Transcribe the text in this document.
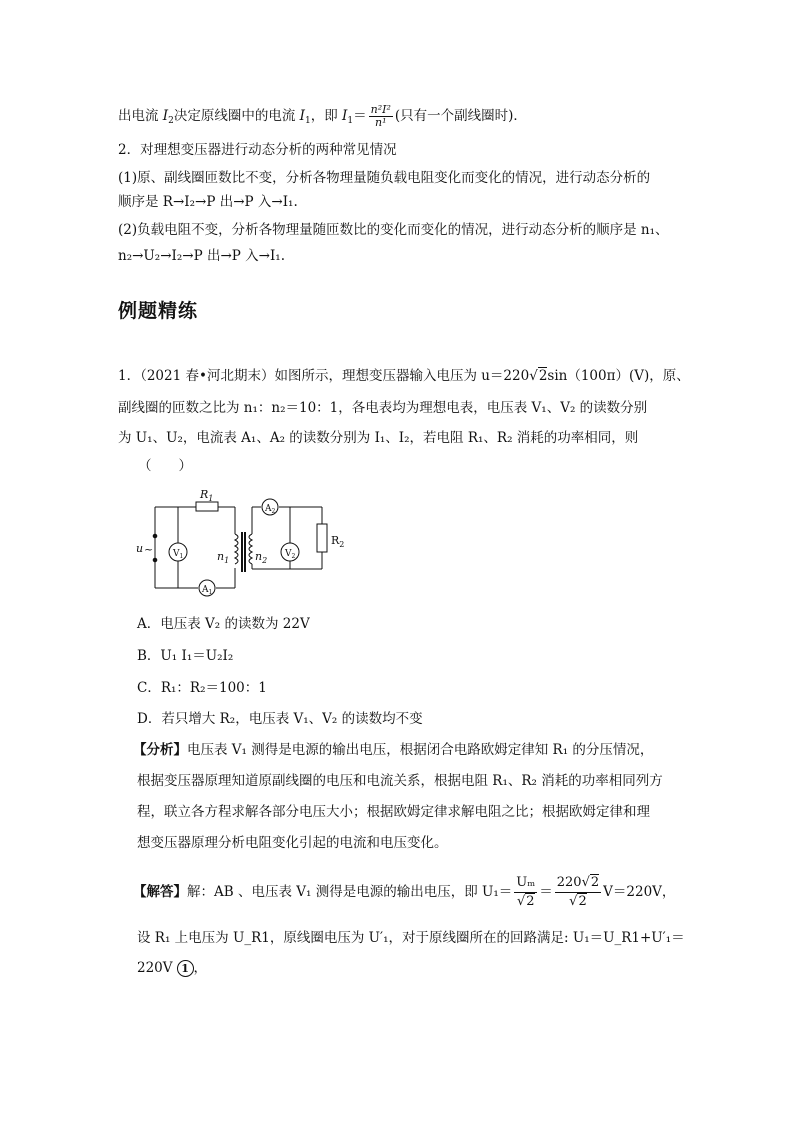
出电流 $I_2$决定原线圈中的电流 $I_1$，即 $I_1= \frac{\text{n²I²}}{\text{n¹}}$ (只有一个副线圈时)．
2．对理想变压器进行动态分析的两种常见情况
(1)原、副线圈匝数比不变，分析各物理量随负载电阻变化而变化的情况，进行动态分析的
顺序是 R→I₂→P 出→P 入→I₁.
(2)负载电阻不变，分析各物理量随匝数比的变化而变化的情况，进行动态分析的顺序是 n₁、
n₂→U₂→I₂→P 出→P 入→I₁.
例题精练
1．（2021 春•河北期末）如图所示，理想变压器输入电压为 u＝220√2sin（100π）(V)，原、
副线圈的匝数之比为 n₁：n₂＝10：1，各电表均为理想电表，电压表 V₁、V₂ 的读数分别
为 U₁、U₂，电流表 A₁、A₂ 的读数分别为 I₁、I₂，若电阻 R₁、R₂ 消耗的功率相同，则
（　　）
$R_1$
$R_2$
$A_1$
$A_2$
$V_1$	$V_2$
$n_1$ $n_2$
u ~
A．电压表 V₂ 的读数为 22V
B．U₁ I₁＝U₂I₂
C．R₁：R₂＝100：1
D．若只增大 R₂，电压表 V₁、V₂ 的读数均不变
【分析】电压表 V₁ 测得是电源的输出电压，根据闭合电路欧姆定律知 R₁ 的分压情况，
根据变压器原理知道原副线圈的电压和电流关系，根据电阻 R₁、R₂ 消耗的功率相同列方
程，联立各方程求解各部分电压大小；根据欧姆定律求解电阻之比；根据欧姆定律和理
想变压器原理分析电阻变化引起的电流和电压变化。
【解答】解：AB 、电压表 V₁ 测得是电源的输出电压，即 $U_1= \frac{\text{Uₘ}}{√2} = \frac{220√2}{√2} V=220V$，
设 R₁ 上电压为 U_R1，原线圈电压为 U′₁，对于原线圈所在的回路满足: U₁＝U_R1+U′₁＝
220V 1 ，
